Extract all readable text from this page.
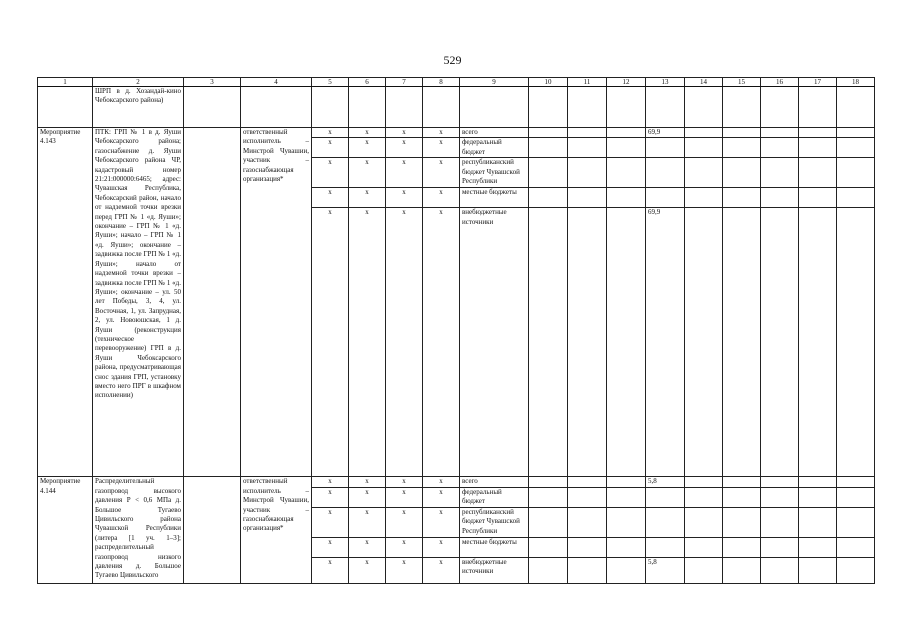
529
1	2	3	4	5	6	7	8	9	10	11	12	13	14	15	16	17	18
	ШРП в д. Хозандай-кино Чебоксарского района)																
Мероприятие 4.143	ПТК: ГРП № 1 в д. Яуши Чебоксарского района; газоснабжение д. Яуши Чебоксарского района ЧР, кадастровый номер 21:21:000000:6465; адрес: Чувашская Республика, Чебоксарский район, начало от надземной точки врезки перед ГРП № 1 «д. Яуши»; окончание – ГРП № 1 «д. Яуши»; начало – ГРП № 1 «д. Яуши»; окончание – задвижка после ГРП № 1 «д. Яуши»; начало от надземной точки врезки – задвижка после ГРП № 1 «д. Яуши»; окончание – ул. 50 лет Победы, 3, 4, ул. Восточная, 1, ул. Запрудная, 2, ул. Новоюшская, 1 д. Яуши (реконструкция (техническое перевооружение) ГРП в д. Яуши Чебоксарского района, предусматривающая снос здания ГРП, установку вместо него ПРГ в шкафном исполнении)		ответственный исполнитель – Минстрой Чувашии, участник – газоснабжающая организация*	x	x	x	x	всего				69,9					
				x	x	x	x	федеральный бюджет									
				x	x	x	x	республиканский бюджет Чувашской Республики									
				x	x	x	x	местные бюджеты									
				x	x	x	x	внебюджетные источники				69,9					
Мероприятие 4.144	Распределительный газопровод высокого давления Р < 0,6 МПа д. Большое Тугаево Цивильского района Чувашской Республики (литера [1 уч. 1–3]; распределительный газопровод низкого давления д. Большое Тугаево Цивильского		ответственный исполнитель – Минстрой Чувашии, участник – газоснабжающая организация*	x	x	x	x	всего				5,8					
				x	x	x	x	федеральный бюджет									
				x	x	x	x	республиканский бюджет Чувашской Республики									
				x	x	x	x	местные бюджеты									
				x	x	x	x	внебюджетные источники				5,8					
